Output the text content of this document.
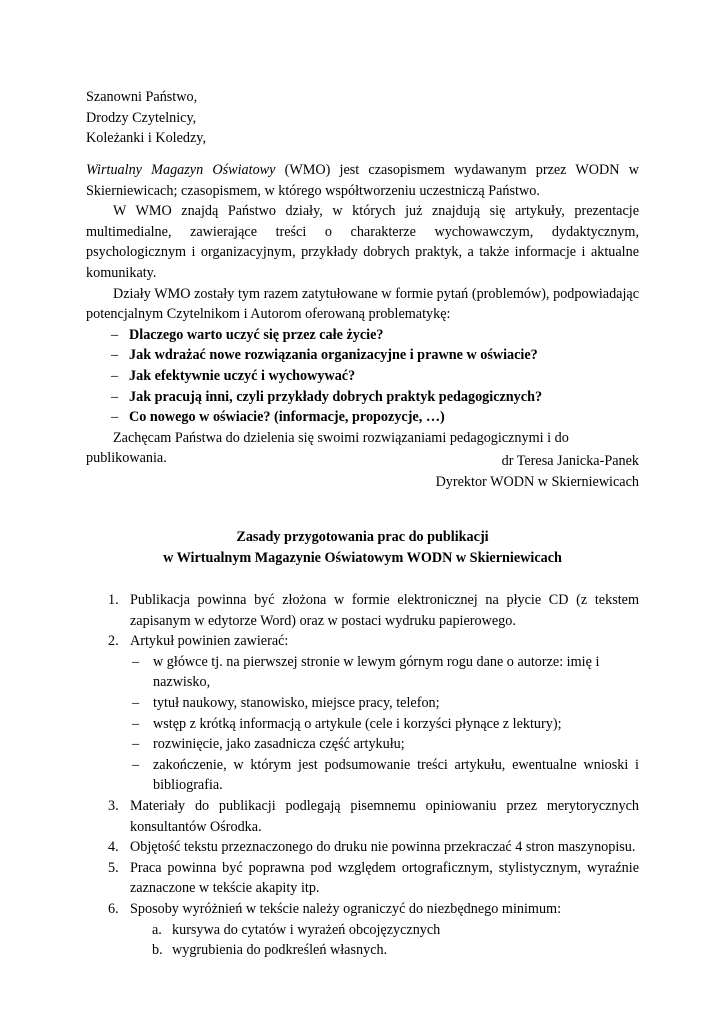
Szanowni Państwo,

Drodzy Czytelnicy,

Koleżanki i Koledzy,

Wirtualny Magazyn Oświatowy (WMO) jest czasopismem wydawanym przez WODN w Skierniewicach; czasopismem, w którego współtworzeniu uczestniczą Państwo.

W WMO znajdą Państwo działy, w których już znajdują się artykuły, prezentacje multimedialne, zawierające treści o charakterze wychowawczym, dydaktycznym, psychologicznym i organizacyjnym, przykłady dobrych praktyk, a także informacje i aktualne komunikaty.

Działy WMO zostały tym razem zatytułowane w formie pytań (problemów), podpowiadając potencjalnym Czytelnikom i Autorom oferowaną problematykę:

– Dlaczego warto uczyć się przez całe życie?
– Jak wdrażać nowe rozwiązania organizacyjne i prawne w oświacie?
– Jak efektywnie uczyć i wychowywać?
– Jak pracują inni, czyli przykłady dobrych praktyk pedagogicznych?
– Co nowego w oświacie? (informacje, propozycje, …)

Zachęcam Państwa do dzielenia się swoimi rozwiązaniami pedagogicznymi i do publikowania.	dr Teresa Janicka-Panek

Dyrektor WODN w Skierniewicach

Zasady przygotowania prac do publikacji

w Wirtualnym Magazynie Oświatowym WODN w Skierniewicach

1. Publikacja powinna być złożona w formie elektronicznej na płycie CD (z tekstem zapisanym w edytorze Word) oraz w postaci wydruku papierowego.

2. Artykuł powinien zawierać:

– w główce tj. na pierwszej stronie w lewym górnym rogu dane o autorze: imię i nazwisko,
– tytuł naukowy, stanowisko, miejsce pracy, telefon;
– wstęp z krótką informacją o artykule (cele i korzyści płynące z lektury);
– rozwinięcie, jako zasadnicza część artykułu;
– zakończenie, w którym jest podsumowanie treści artykułu, ewentualne wnioski i bibliografia.
3. Materiały do publikacji podlegają pisemnemu opiniowaniu przez merytorycznych konsultantów Ośrodka.

4. Objętość tekstu przeznaczonego do druku nie powinna przekraczać 4 stron maszynopisu.

5. Praca powinna być poprawna pod względem ortograficznym, stylistycznym, wyraźnie zaznaczone w tekście akapity itp.

6. Sposoby wyróżnień w tekście należy ograniczyć do niezbędnego minimum:

a. kursywa do cytatów i wyrażeń obcojęzycznych
b. wygrubienia do podkreśleń własnych.
